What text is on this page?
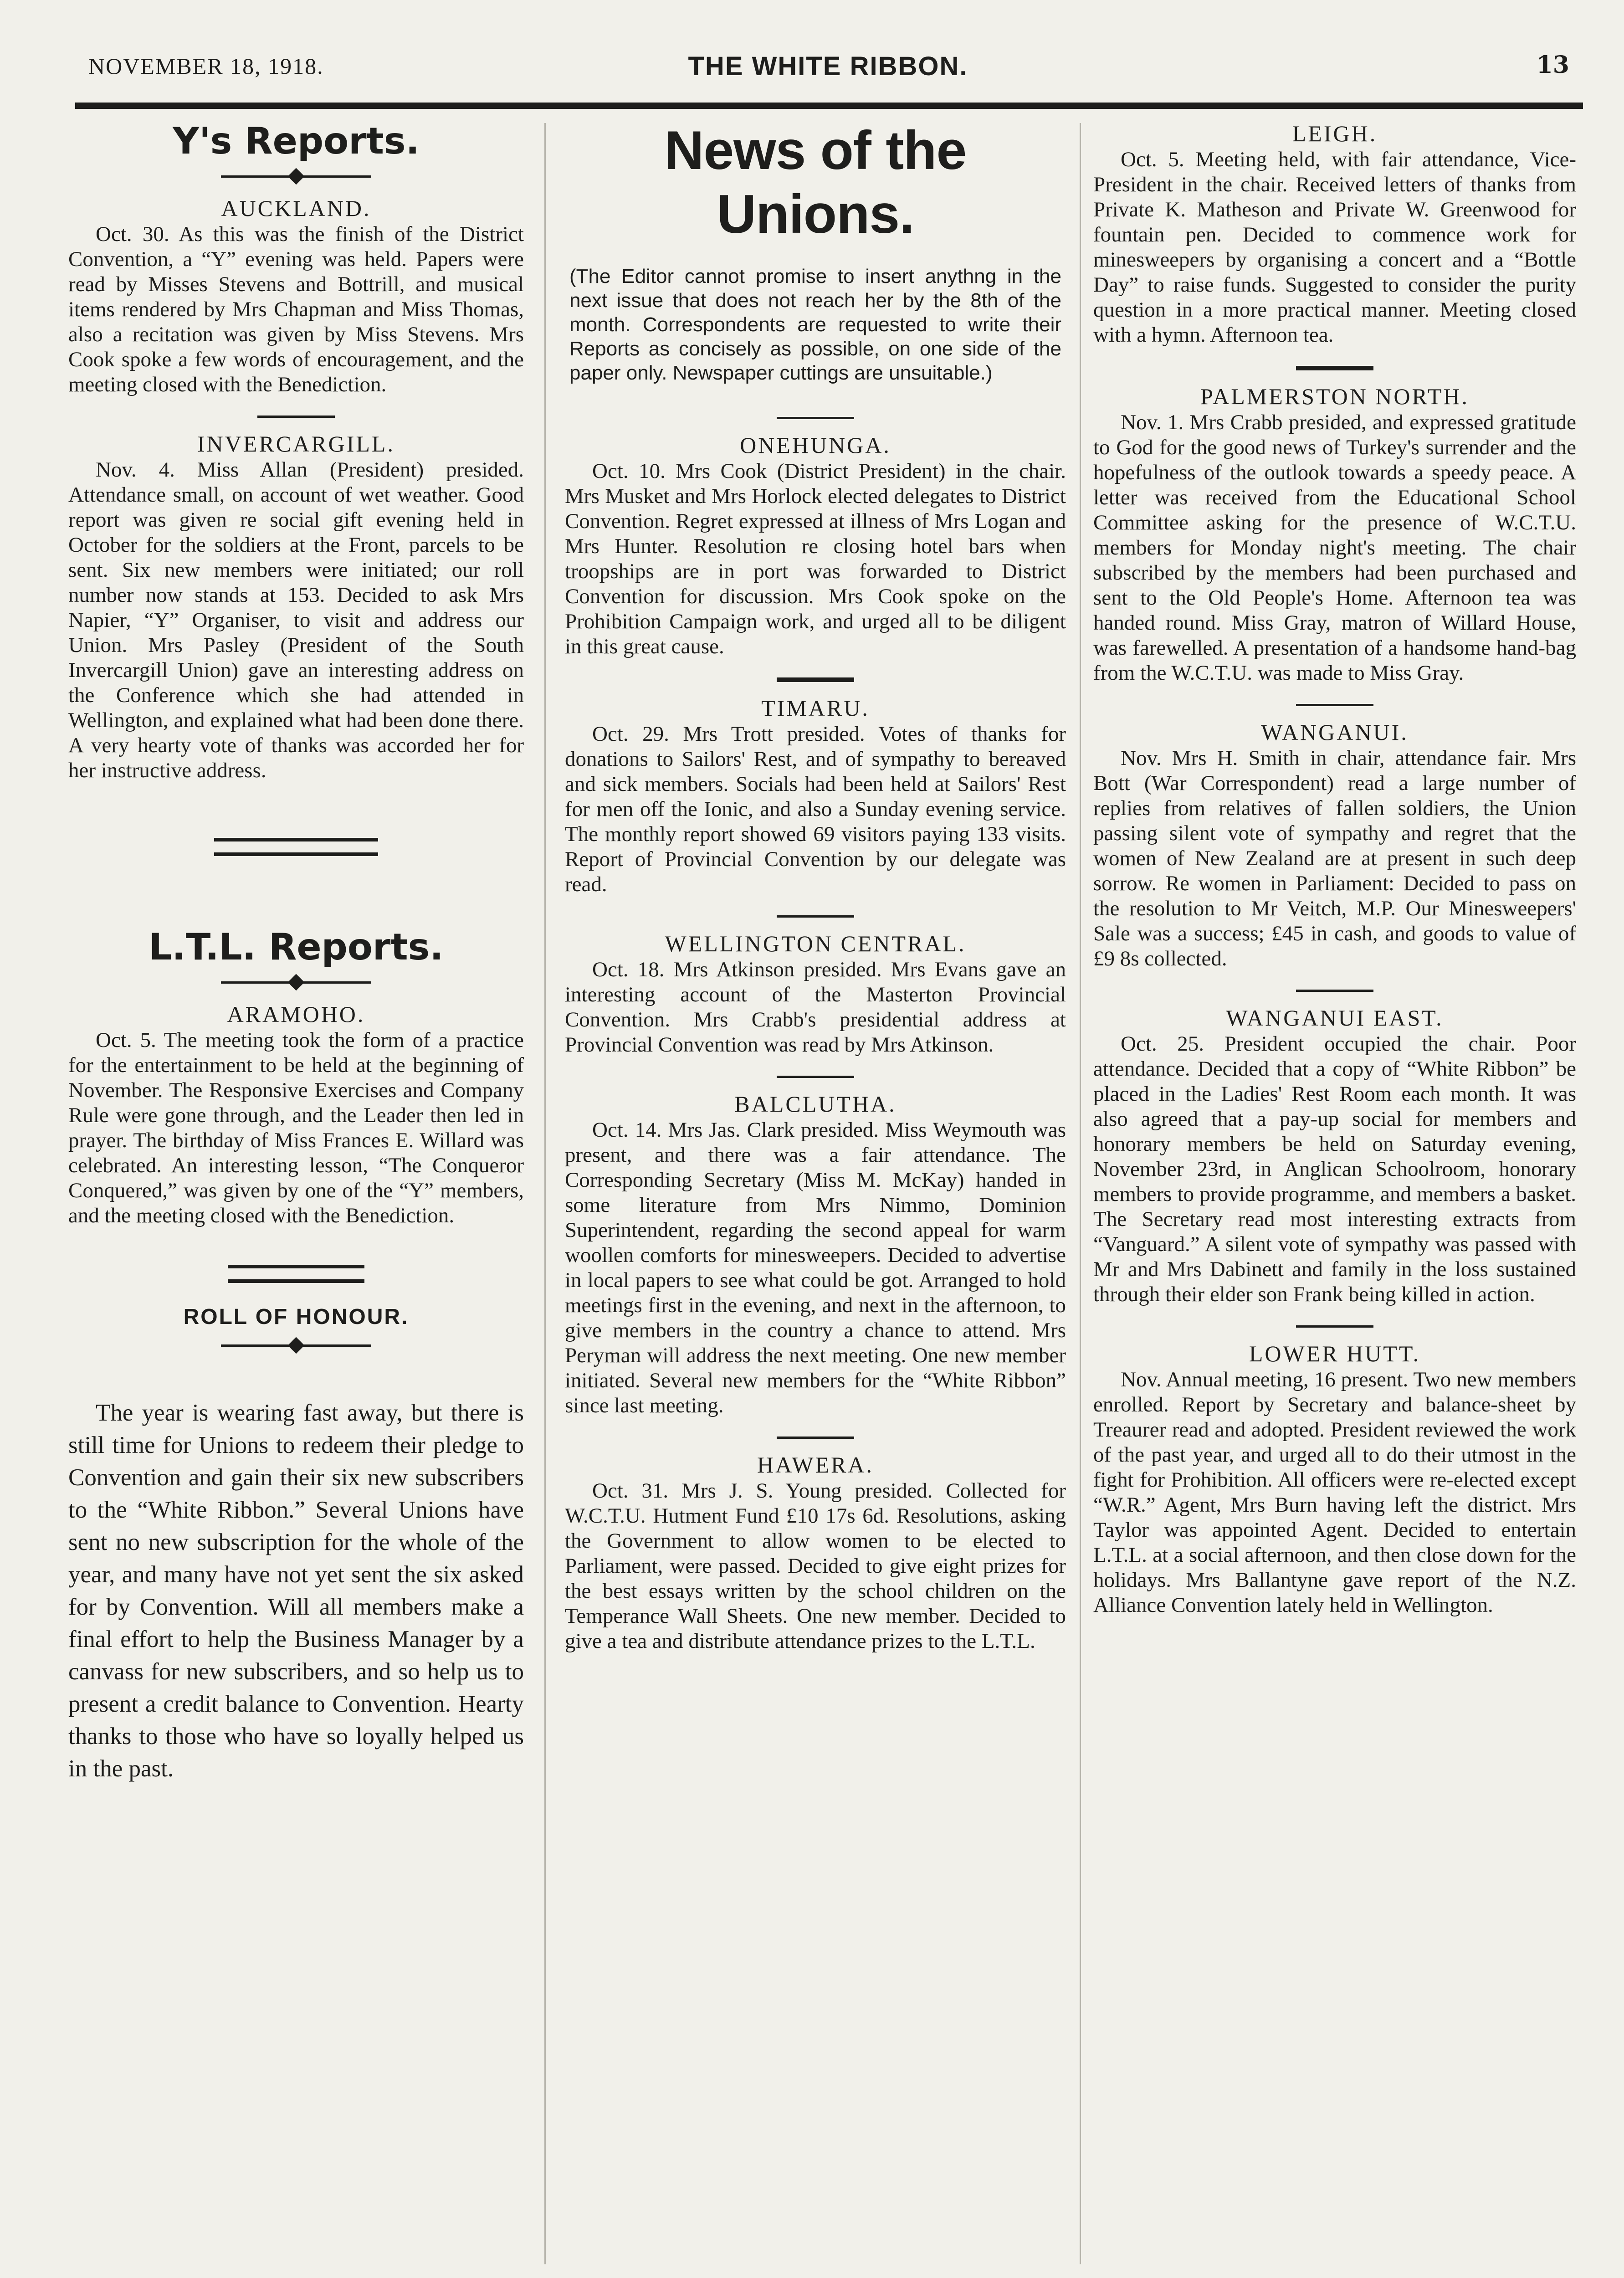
NOVEMBER 18, 1918.	THE WHITE RIBBON.	13
Y's Reports.
AUCKLAND.

Oct. 30. As this was the finish of the District Convention, a “Y” evening was held. Papers were read by Misses Stevens and Bottrill, and musical items rendered by Mrs Chapman and Miss Thomas, also a recitation was given by Miss Stevens. Mrs Cook spoke a few words of encouragement, and the meeting closed with the Benediction.

INVERCARGILL.

Nov. 4. Miss Allan (President) presided. Attendance small, on account of wet weather. Good report was given re social gift evening held in October for the soldiers at the Front, parcels to be sent. Six new members were initiated; our roll number now stands at 153. Decided to ask Mrs Napier, “Y” Organiser, to visit and address our Union. Mrs Pasley (President of the South Invercargill Union) gave an interesting address on the Conference which she had attended in Wellington, and explained what had been done there. A very hearty vote of thanks was accorded her for her instructive address.

L.T.L. Reports.
ARAMOHO.

Oct. 5. The meeting took the form of a practice for the entertainment to be held at the beginning of November. The Responsive Exercises and Company Rule were gone through, and the Leader then led in prayer. The birthday of Miss Frances E. Willard was celebrated. An interesting lesson, “The Conqueror Conquered,” was given by one of the “Y” members, and the meeting closed with the Benediction.

ROLL OF HONOUR.

The year is wearing fast away, but there is still time for Unions to redeem their pledge to Convention and gain their six new subscribers to the “White Ribbon.” Several Unions have sent no new subscription for the whole of the year, and many have not yet sent the six asked for by Convention. Will all members make a final effort to help the Business Manager by a canvass for new subscribers, and so help us to present a credit balance to Convention. Hearty thanks to those who have so loyally helped us in the past.

News of the Unions.

(The Editor cannot promise to insert anythng in the next issue that does not reach her by the 8th of the month. Correspondents are requested to write their Reports as concisely as possible, on one side of the paper only. Newspaper cuttings are unsuitable.)

ONEHUNGA.

Oct. 10. Mrs Cook (District President) in the chair. Mrs Musket and Mrs Horlock elected delegates to District Convention. Regret expressed at illness of Mrs Logan and Mrs Hunter. Resolution re closing hotel bars when troopships are in port was forwarded to District Convention for discussion. Mrs Cook spoke on the Prohibition Campaign work, and urged all to be diligent in this great cause.

TIMARU.

Oct. 29. Mrs Trott presided. Votes of thanks for donations to Sailors' Rest, and of sympathy to bereaved and sick members. Socials had been held at Sailors' Rest for men off the Ionic, and also a Sunday evening service. The monthly report showed 69 visitors paying 133 visits. Report of Provincial Convention by our delegate was read.

WELLINGTON CENTRAL.

Oct. 18. Mrs Atkinson presided. Mrs Evans gave an interesting account of the Masterton Provincial Convention. Mrs Crabb's presidential address at Provincial Convention was read by Mrs Atkinson.

BALCLUTHA.

Oct. 14. Mrs Jas. Clark presided. Miss Weymouth was present, and there was a fair attendance. The Corresponding Secretary (Miss M. McKay) handed in some literature from Mrs Nimmo, Dominion Superintendent, regarding the second appeal for warm woollen comforts for minesweepers. Decided to advertise in local papers to see what could be got. Arranged to hold meetings first in the evening, and next in the afternoon, to give members in the country a chance to attend. Mrs Peryman will address the next meeting. One new member initiated. Several new members for the “White Ribbon” since last meeting.

HAWERA.

Oct. 31. Mrs J. S. Young presided. Collected for W.C.T.U. Hutment Fund £10 17s 6d. Resolutions, asking the Government to allow women to be elected to Parliament, were passed. Decided to give eight prizes for the best essays written by the school children on the Temperance Wall Sheets. One new member. Decided to give a tea and distribute attendance prizes to the L.T.L.

LEIGH.

Oct. 5. Meeting held, with fair attendance, Vice-President in the chair. Received letters of thanks from Private K. Matheson and Private W. Greenwood for fountain pen. Decided to commence work for minesweepers by organising a concert and a “Bottle Day” to raise funds. Suggested to consider the purity question in a more practical manner. Meeting closed with a hymn. Afternoon tea.

PALMERSTON NORTH.

Nov. 1. Mrs Crabb presided, and expressed gratitude to God for the good news of Turkey's surrender and the hopefulness of the outlook towards a speedy peace. A letter was received from the Educational School Committee asking for the presence of W.C.T.U. members for Monday night's meeting. The chair subscribed by the members had been purchased and sent to the Old People's Home. Afternoon tea was handed round. Miss Gray, matron of Willard House, was farewelled. A presentation of a handsome hand-bag from the W.C.T.U. was made to Miss Gray.

WANGANUI.

Nov. Mrs H. Smith in chair, attendance fair. Mrs Bott (War Correspondent) read a large number of replies from relatives of fallen soldiers, the Union passing silent vote of sympathy and regret that the women of New Zealand are at present in such deep sorrow. Re women in Parliament: Decided to pass on the resolution to Mr Veitch, M.P. Our Minesweepers' Sale was a success; £45 in cash, and goods to value of £9 8s collected.

WANGANUI EAST.

Oct. 25. President occupied the chair. Poor attendance. Decided that a copy of “White Ribbon” be placed in the Ladies' Rest Room each month. It was also agreed that a pay-up social for members and honorary members be held on Saturday evening, November 23rd, in Anglican Schoolroom, honorary members to provide programme, and members a basket. The Secretary read most interesting extracts from “Vanguard.” A silent vote of sympathy was passed with Mr and Mrs Dabinett and family in the loss sustained through their elder son Frank being killed in action.

LOWER HUTT.

Nov. Annual meeting, 16 present. Two new members enrolled. Report by Secretary and balance-sheet by Treaurer read and adopted. President reviewed the work of the past year, and urged all to do their utmost in the fight for Prohibition. All officers were re-elected except “W.R.” Agent, Mrs Burn having left the district. Mrs Taylor was appointed Agent. Decided to entertain L.T.L. at a social afternoon, and then close down for the holidays. Mrs Ballantyne gave report of the N.Z. Alliance Convention lately held in Wellington.
